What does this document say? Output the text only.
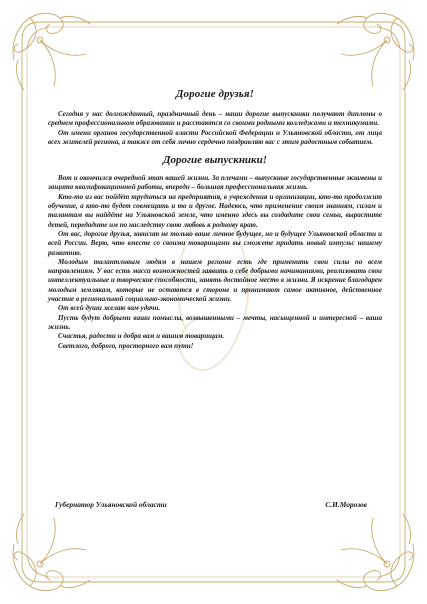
Дорогие друзья!

Сегодня у нас долгожданный, праздничный день – наши дорогие выпускники получают дипломы о среднем профессиональном образовании и расстаются со своими родными колледжами и техникумами.

От имени органов государственной власти Российской Федерации и Ульяновской области, от лица всех жителей региона, а также от себя лично сердечно поздравляю вас с этим радостным событием.

Дорогие выпускники!

Вот и окончился очередной этап вашей жизни. За плечами – выпускные государственные экзамены и защита квалификационной работы, впереди – большая профессиональная жизнь.

Кто-то из вас пойдёт трудиться на предприятия, в учреждения и организации, кто-то продолжит обучение, а кто-то будет совмещать и то и другое. Надеюсь, что применение своим знаниям, силам и талантам вы найдёте на Ульяновской земле, что именно здесь вы создадите свои семьи, вырастите детей, передадите им по наследству свою любовь к родному краю.

От вас, дорогие друзья, зависит не только ваше личное будущее, но и будущее Ульяновской области и всей России. Верю, что вместе со своими товарищами вы сможете придать новый импульс нашему развитию.

Молодым талантливым людям в нашем регионе есть где применить свои силы по всем направлениям. У вас есть масса возможностей заявить о себе добрыми начинаниями, реализовать свои интеллектуальные и творческие способности, занять достойное место в жизни. Я искренне благодарен молодым землякам, которые не остаются в стороне и принимают самое активное, действенное участие в региональной социально-экономической жизни.

От всей души желаю вам удачи.

Пусть будут добрыми ваши помыслы, возвышенными – мечты, насыщенной и интересной – ваша жизнь.

Счастья, радости и добра вам и вашим товарищам.

Светлого, доброго, просторного вам пути!

Губернатор Ульяновской области	С.И.Морозов
